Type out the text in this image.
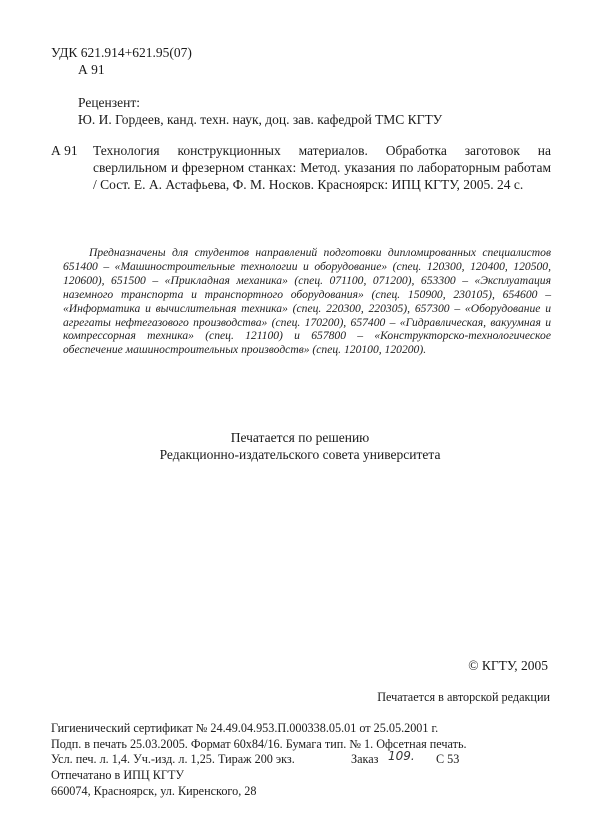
УДК 621.914+621.95(07)
А 91
Рецензент:
Ю. И. Гордеев, канд. техн. наук, доц. зав. кафедрой ТМС КГТУ
А 91 Технология конструкционных материалов. Обработка заготовок на сверлильном и фрезерном станках: Метод. указания по лабораторным работам / Сост. Е. А. Астафьева, Ф. М. Носков. Красноярск: ИПЦ КГТУ, 2005. 24 с.
Предназначены для студентов направлений подготовки дипломированных специалистов 651400 – «Машиностроительные технологии и оборудование» (спец. 120300, 120400, 120500, 120600), 651500 – «Прикладная механика» (спец. 071100, 071200), 653300 – «Эксплуатация наземного транспорта и транспортного оборудования» (спец. 150900, 230105), 654600 – «Информатика и вычислительная техника» (спец. 220300, 220305), 657300 – «Оборудование и агрегаты нефтегазового производства» (спец. 170200), 657400 – «Гидравлическая, вакуумная и компрессорная техника» (спец. 121100) и 657800 – «Конструкторско-технологическое обеспечение машиностроительных производств» (спец. 120100, 120200).
Печатается по решению
Редакционно-издательского совета университета
© КГТУ, 2005
Печатается в авторской редакции
Гигиенический сертификат № 24.49.04.953.П.000338.05.01 от 25.05.2001 г.
Подп. в печать 25.03.2005. Формат 60х84/16. Бумага тип. № 1. Офсетная печать.
Усл. печ. л. 1,4. Уч.-изд. л. 1,25. Тираж 200 экз.	Заказ 109. С 53
Отпечатано в ИПЦ КГТУ
660074, Красноярск, ул. Киренского, 28
